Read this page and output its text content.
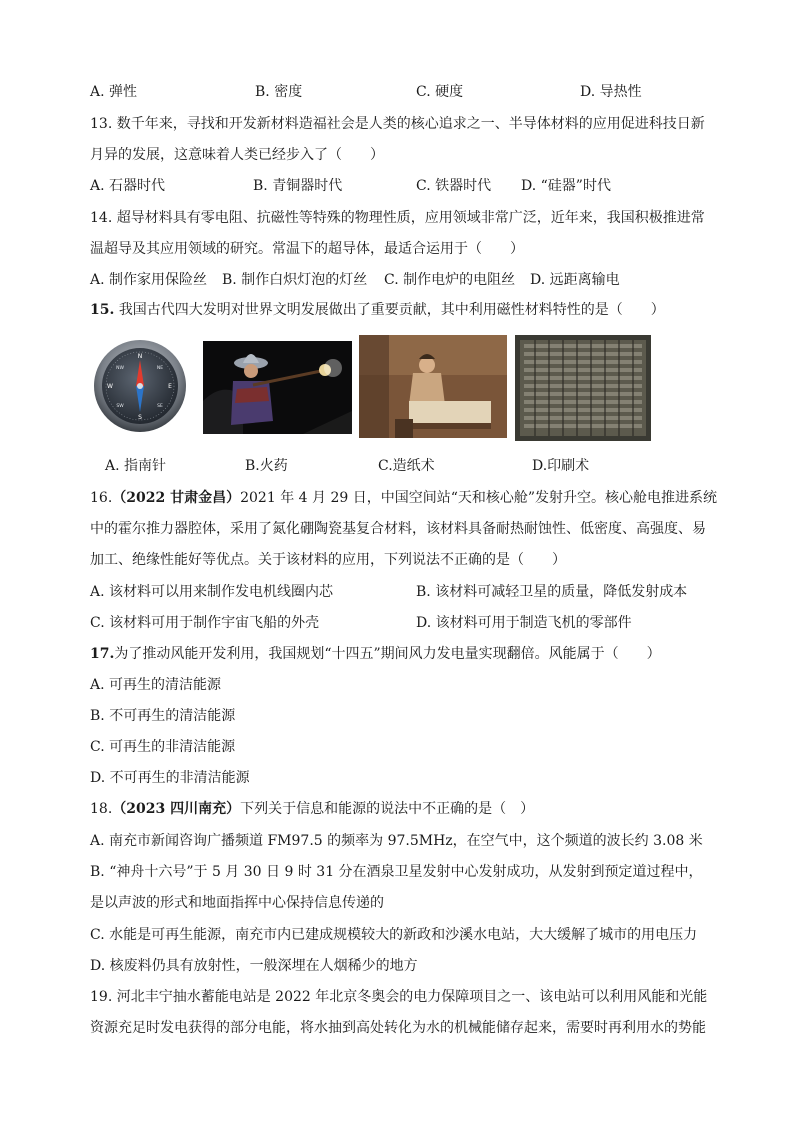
A. 弹性	B. 密度	C. 硬度	D. 导热性
13. 数千年来，寻找和开发新材料造福社会是人类的核心追求之一、半导体材料的应用促进科技日新
月异的发展，这意味着人类已经步入了（　　）
A. 石器时代	B. 青铜器时代	C. 铁器时代 D. “硅器”时代
14. 超导材料具有零电阻、抗磁性等特殊的物理性质，应用领域非常广泛，近年来，我国积极推进常
温超导及其应用领域的研究。常温下的超导体，最适合运用于（　　）
A. 制作家用保险丝 B. 制作白炽灯泡的灯丝 C. 制作电炉的电阻丝 D. 远距离输电
15. 我国古代四大发明对世界文明发展做出了重要贡献，其中利用磁性材料特性的是（　　）
N
E
S
W
NE
SE
SW
NW
A. 指南针	B.火药	C.造纸术	D.印刷术
16.（2022 甘肃金昌）2021 年 4 月 29 日，中国空间站“天和核心舱”发射升空。核心舱电推进系统
中的霍尔推力器腔体，采用了氮化硼陶瓷基复合材料，该材料具备耐热耐蚀性、低密度、高强度、易
加工、绝缘性能好等优点。关于该材料的应用，下列说法不正确的是（　　）
A. 该材料可以用来制作发电机线圈内芯	B. 该材料可减轻卫星的质量，降低发射成本
C. 该材料可用于制作宇宙飞船的外壳	D. 该材料可用于制造飞机的零部件
17.为了推动风能开发利用，我国规划“十四五”期间风力发电量实现翻倍。风能属于（　　）
A. 可再生的清洁能源
B. 不可再生的清洁能源
C. 可再生的非清洁能源
D. 不可再生的非清洁能源
18.（2023 四川南充）下列关于信息和能源的说法中不正确的是（　）
A. 南充市新闻咨询广播频道 FM97.5 的频率为 97.5MHz，在空气中，这个频道的波长约 3.08 米
B. “神舟十六号”于 5 月 30 日 9 时 31 分在酒泉卫星发射中心发射成功，从发射到预定道过程中，
是以声波的形式和地面指挥中心保持信息传递的
C. 水能是可再生能源，南充市内已建成规模较大的新政和沙溪水电站，大大缓解了城市的用电压力
D. 核废料仍具有放射性，一般深埋在人烟稀少的地方
19. 河北丰宁抽水蓄能电站是 2022 年北京冬奥会的电力保障项目之一、该电站可以利用风能和光能
资源充足时发电获得的部分电能，将水抽到高处转化为水的机械能储存起来，需要时再利用水的势能
